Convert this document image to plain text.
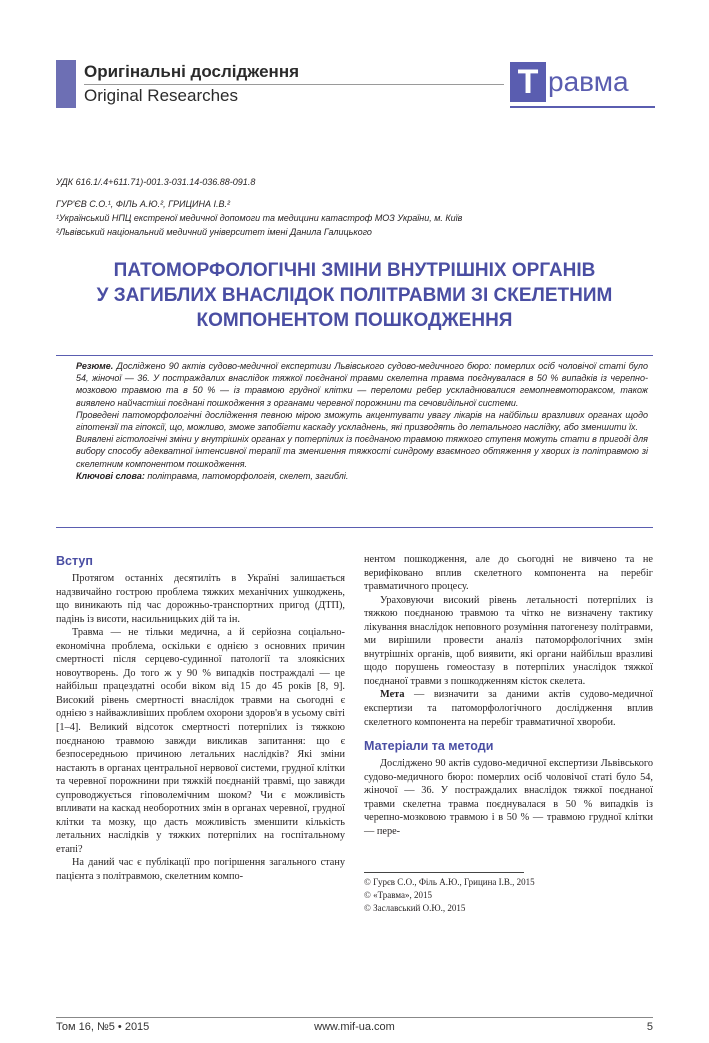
Оригінальні дослідження
Original Researches	Т равма
УДК 616.1/.4+611.71)-001.3-031.14-036.88-091.8
ГУР'ЄВ С.О.¹, ФІЛЬ А.Ю.², ГРИЦИНА І.В.²
¹Український НПЦ екстреної медичної допомоги та медицини катастроф МОЗ України, м. Київ
²Львівський національний медичний університет імені Данила Галицького
ПАТОМОРФОЛОГІЧНІ ЗМІНИ ВНУТРІШНІХ ОРГАНІВ
У ЗАГИБЛИХ ВНАСЛІДОК ПОЛІТРАВМИ ЗІ СКЕЛЕТНИМ
КОМПОНЕНТОМ ПОШКОДЖЕННЯ

Резюме. Досліджено 90 актів судово-медичної експертизи Львівського судово-медичного бюро: померлих осіб чоловічої статі було 54, жіночої — 36. У постраждалих внаслідок тяжкої поєднаної травми скелетна травма поєднувалася в 50 % випадків із черепно-мозковою травмою та в 50 % — із травмою грудної клітки — переломи ребер ускладнювалися гемопневмотораксом, також виявлено найчастіші поєднані пошкодження з органами черевної порожнини та сечовидільної системи.

Проведені патоморфологічні дослідження певною мірою зможуть акцентувати увагу лікарів на найбільш вразливих органах щодо гіпотензії та гіпоксії, що, можливо, зможе запобігти каскаду ускладнень, які призводять до летального наслідку, або зменшити їх.

Виявлені гістологічні зміни у внутрішніх органах у потерпілих із поєднаною травмою тяжкого ступеня можуть стати в пригоді для вибору способу адекватної інтенсивної терапії та зменшення тяжкості синдрому взаємного обтяження у хворих із політравмою зі скелетним компонентом пошкодження.

Ключові слова: політравма, патоморфологія, скелет, загиблі.

Вступ

Протягом останніх десятиліть в Україні залишається надзвичайно гострою проблема тяжких механічних ушкоджень, що виникають під час дорожньо-транспортних пригод (ДТП), падінь із висоти, насильницьких дій та ін.

Травма — не тільки медична, а й серйозна соціально-економічна проблема, оскільки є однією з основних причин смертності після серцево-судинної патології та злоякісних новоутворень. До того ж у 90 % випадків постраждалі — це найбільш працездатні особи віком від 15 до 45 років [8, 9]. Високий рівень смертності внаслідок травми на сьогодні є однією з найважливіших проблем охорони здоров'я в усьому світі [1–4]. Великий відсоток смертності потерпілих із тяжкою поєднаною травмою завжди викликав запитання: що є безпосередньою причиною летальних наслідків? Які зміни настають в органах центральної нервової системи, грудної клітки та черевної порожнини при тяжкій поєднаній травмі, що завжди супроводжується гіповолемічним шоком? Чи є можливість впливати на каскад необоротних змін в органах черевної, грудної клітки та мозку, що дасть можливість зменшити кількість летальних наслідків у тяжких потерпілих на госпітальному етапі?

На даний час є публікації про погіршення загального стану пацієнта з політравмою, скелетним компо-

нентом пошкодження, але до сьогодні не вивчено та не верифіковано вплив скелетного компонента на перебіг травматичного процесу.

Ураховуючи високий рівень летальності потерпілих із тяжкою поєднаною травмою та чітко не визначену тактику лікування внаслідок неповного розуміння патогенезу політравми, ми вирішили провести аналіз патоморфологічних змін внутрішніх органів, щоб виявити, які органи найбільш вразливі щодо порушень гомеостазу в потерпілих унаслідок тяжкої поєднаної травми з пошкодженням кісток скелета.

Мета — визначити за даними актів судово-медичної експертизи та патоморфологічного дослідження вплив скелетного компонента на перебіг травматичної хвороби.

Матеріали та методи

Досліджено 90 актів судово-медичної експертизи Львівського судово-медичного бюро: померлих осіб чоловічої статі було 54, жіночої — 36. У постраждалих внаслідок тяжкої поєднаної травми скелетна травма поєднувалася в 50 % випадків із черепно-мозковою травмою і в 50 % — травмою грудної клітки — пере-

© Гурєв С.О., Філь А.Ю., Грицина І.В., 2015
© «Травма», 2015
© Заславський О.Ю., 2015
Том 16, №5 • 2015	www.mif-ua.com	5
